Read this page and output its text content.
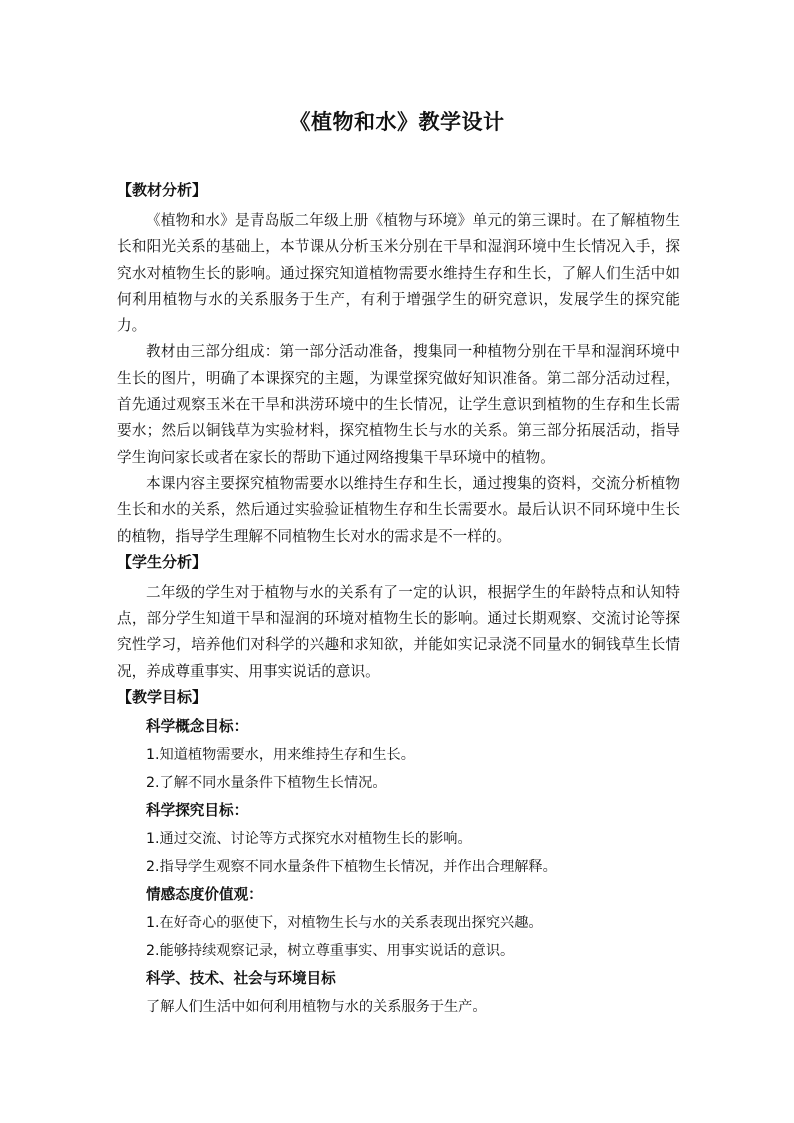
《植物和水》教学设计

【教材分析】

《植物和水》是青岛版二年级上册《植物与环境》单元的第三课时。在了解植物生长和阳光关系的基础上，本节课从分析玉米分别在干旱和湿润环境中生长情况入手，探究水对植物生长的影响。通过探究知道植物需要水维持生存和生长，了解人们生活中如何利用植物与水的关系服务于生产，有利于增强学生的研究意识，发展学生的探究能力。

教材由三部分组成：第一部分活动准备，搜集同一种植物分别在干旱和湿润环境中生长的图片，明确了本课探究的主题，为课堂探究做好知识准备。第二部分活动过程，首先通过观察玉米在干旱和洪涝环境中的生长情况，让学生意识到植物的生存和生长需要水；然后以铜钱草为实验材料，探究植物生长与水的关系。第三部分拓展活动，指导学生询问家长或者在家长的帮助下通过网络搜集干旱环境中的植物。

本课内容主要探究植物需要水以维持生存和生长，通过搜集的资料，交流分析植物生长和水的关系，然后通过实验验证植物生存和生长需要水。最后认识不同环境中生长的植物，指导学生理解不同植物生长对水的需求是不一样的。

【学生分析】

二年级的学生对于植物与水的关系有了一定的认识，根据学生的年龄特点和认知特点，部分学生知道干旱和湿润的环境对植物生长的影响。通过长期观察、交流讨论等探究性学习，培养他们对科学的兴趣和求知欲，并能如实记录浇不同量水的铜钱草生长情况，养成尊重事实、用事实说话的意识。

【教学目标】

科学概念目标：

1.知道植物需要水，用来维持生存和生长。

2.了解不同水量条件下植物生长情况。

科学探究目标：

1.通过交流、讨论等方式探究水对植物生长的影响。

2.指导学生观察不同水量条件下植物生长情况，并作出合理解释。

情感态度价值观：

1.在好奇心的驱使下，对植物生长与水的关系表现出探究兴趣。

2.能够持续观察记录，树立尊重事实、用事实说话的意识。

科学、技术、社会与环境目标

了解人们生活中如何利用植物与水的关系服务于生产。
